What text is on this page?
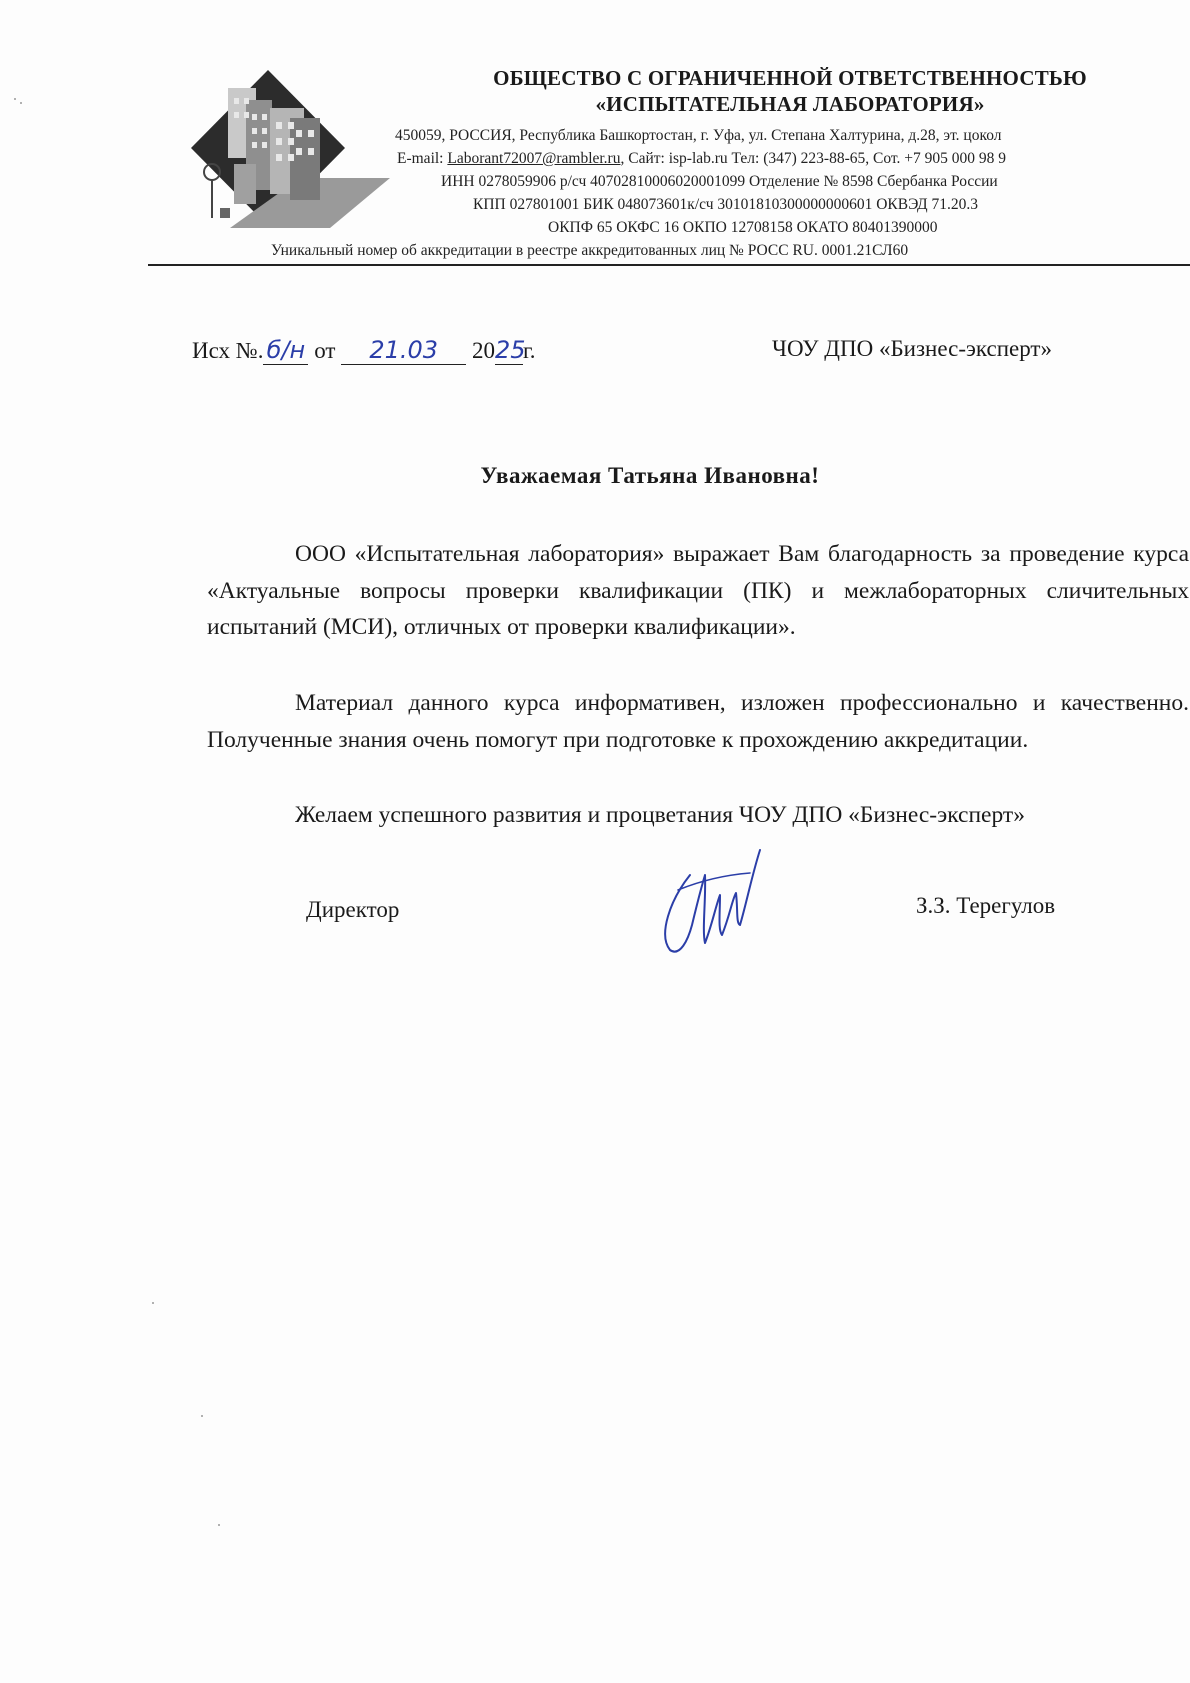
ОБЩЕСТВО С ОГРАНИЧЕННОЙ ОТВЕТСТВЕННОСТЬЮ
«ИСПЫТАТЕЛЬНАЯ ЛАБОРАТОРИЯ»
450059, РОССИЯ, Республика Башкортостан, г. Уфа, ул. Степана Халтурина, д.28, эт. цокол
E-mail: Laborant72007@rambler.ru, Сайт: isp-lab.ru Тел: (347) 223-88-65, Сот. +7 905 000 98 9
ИНН 0278059906 р/сч 40702810006020001099 Отделение № 8598 Сбербанка России
КПП 027801001 БИК 048073601к/сч 30101810300000000601 ОКВЭД 71.20.3
ОКПФ 65 ОКФС 16 ОКПО 12708158 ОКАТО 80401390000
Уникальный номер об аккредитации в реестре аккредитованных лиц № РОСС RU. 0001.21СЛ60
Исх №. б/н от 21.03 2025г.	ЧОУ ДПО «Бизнес-эксперт»
Уважаемая Татьяна Ивановна!

ООО «Испытательная лаборатория» выражает Вам благодарность за проведение курса «Актуальные вопросы проверки квалификации (ПК) и межлабораторных сличительных испытаний (МСИ), отличных от проверки квалификации».

Материал данного курса информативен, изложен профессионально и качественно. Полученные знания очень помогут при подготовке к прохождению аккредитации.

Желаем успешного развития и процветания ЧОУ ДПО «Бизнес-эксперт»

Директор	З.З. Терегулов
